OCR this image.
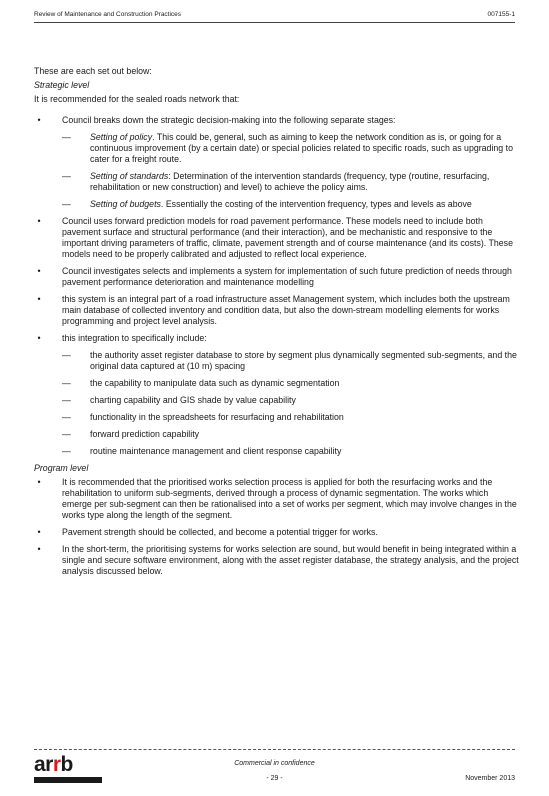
Review of Maintenance and Construction Practices	007155-1

These are each set out below:

Strategic level

It is recommended for the sealed roads network that:

•	Council breaks down the strategic decision-making into the following separate stages:
— Setting of policy. This could be, general, such as aiming to keep the network condition as is, or going for a continuous improvement (by a certain date) or special policies related to specific roads, such as upgrading to cater for a freight route.
— Setting of standards: Determination of the intervention standards (frequency, type (routine, resurfacing, rehabilitation or new construction) and level) to achieve the policy aims.
— Setting of budgets. Essentially the costing of the intervention frequency, types and levels as above
•	Council uses forward prediction models for road pavement performance. These models need to include both pavement surface and structural performance (and their interaction), and be mechanistic and responsive to the important driving parameters of traffic, climate, pavement strength and of course maintenance (and its costs). These models need to be properly calibrated and adjusted to reflect local experience.
•	Council investigates selects and implements a system for implementation of such future prediction of needs through pavement performance deterioration and maintenance modelling
•	this system is an integral part of a road infrastructure asset Management system, which includes both the upstream main database of collected inventory and condition data, but also the down-stream modelling elements for works programming and project level analysis.
•	this integration to specifically include:
— the authority asset register database to store by segment plus dynamically segmented sub-segments, and the original data captured at (10 m) spacing
— the capability to manipulate data such as dynamic segmentation
— charting capability and GIS shade by value capability
— functionality in the spreadsheets for resurfacing and rehabilitation
— forward prediction capability
— routine maintenance management and client response capability

Program level

•	It is recommended that the prioritised works selection process is applied for both the resurfacing works and the rehabilitation to uniform sub-segments, derived through a process of dynamic segmentation. The works which emerge per sub-segment can then be rationalised into a set of works per segment, which may involve changes in the works type along the length of the segment.
•	Pavement strength should be collected, and become a potential trigger for works.
•	In the short-term, the prioritising systems for works selection are sound, but would benefit in being integrated within a single and secure software environment, along with the asset register database, the strategy analysis, and the project analysis discussed below.
arrb	Commercial in confidence
- 29 -	November 2013
